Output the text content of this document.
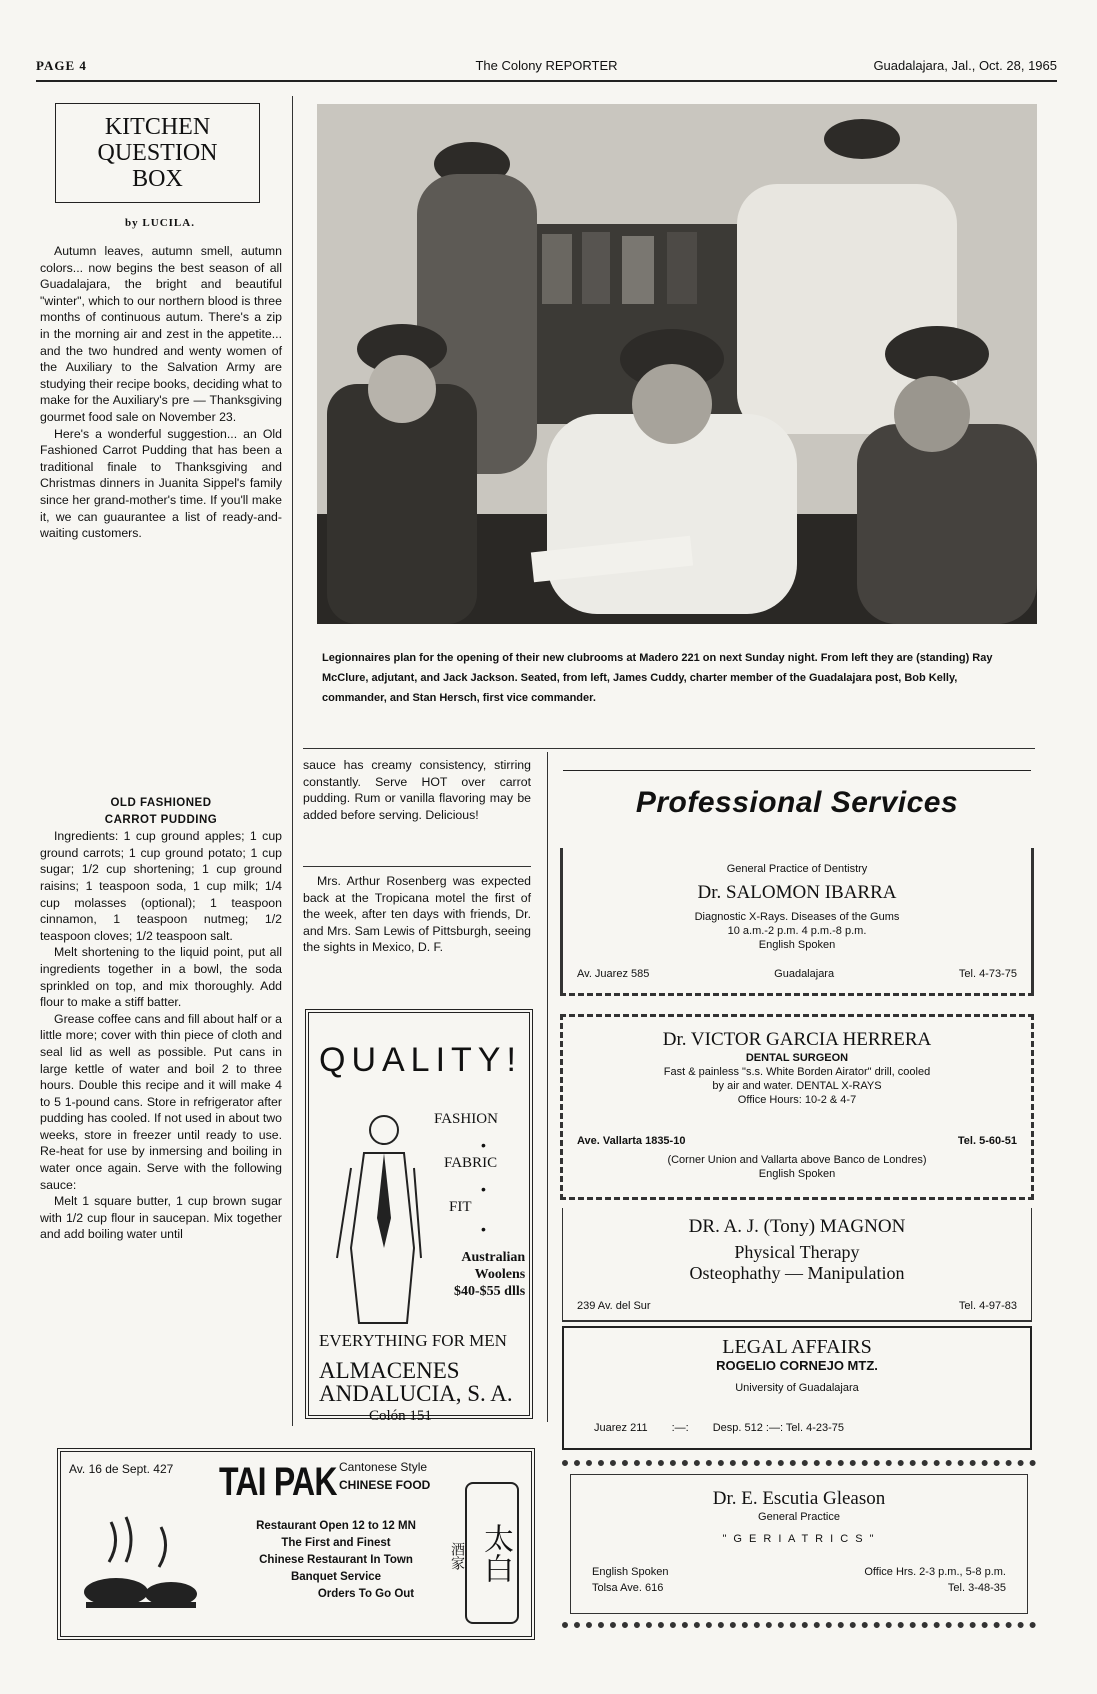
PAGE 4	The Colony REPORTER	Guadalajara, Jal., Oct. 28, 1965
KITCHEN
QUESTION
BOX
by LUCILA.

Autumn leaves, autumn smell, autumn colors... now begins the best season of all Guadalajara, the bright and beautiful "winter", which to our northern blood is three months of continuous autum. There's a zip in the morning air and zest in the appetite... and the two hundred and wenty women of the Auxiliary to the Salvation Army are studying their recipe books, deciding what to make for the Auxiliary's pre — Thanksgiving gourmet food sale on November 23.

Here's a wonderful suggestion... an Old Fashioned Carrot Pudding that has been a traditional finale to Thanksgiving and Christmas dinners in Juanita Sippel's family since her grand-mother's time. If you'll make it, we can guaurantee a list of ready-and-waiting customers.

OLD FASHIONED

CARROT PUDDING

Ingredients: 1 cup ground apples; 1 cup ground carrots; 1 cup ground potato; 1 cup sugar; 1/2 cup shortening; 1 cup ground raisins; 1 teaspoon soda, 1 cup milk; 1/4 cup molasses (optional); 1 teaspoon cinnamon, 1 teaspoon nutmeg; 1/2 teaspoon cloves; 1/2 teaspoon salt.

Melt shortening to the liquid point, put all ingredients together in a bowl, the soda sprinkled on top, and mix thoroughly. Add flour to make a stiff batter.

Grease coffee cans and fill about half or a little more; cover with thin piece of cloth and seal lid as well as possible. Put cans in large kettle of water and boil 2 to three hours. Double this recipe and it will make 4 to 5 1-pound cans. Store in refrigerator after pudding has cooled. If not used in about two weeks, store in freezer until ready to use. Re-heat for use by inmersing and boiling in water once again. Serve with the following sauce:

Melt 1 square butter, 1 cup brown sugar with 1/2 cup flour in saucepan. Mix together and add boiling water until

Legionnaires plan for the opening of their new clubrooms at Madero 221 on next Sunday night. From left they are (standing) Ray McClure, adjutant, and Jack Jackson. Seated, from left, James Cuddy, charter member of the Guadalajara post, Bob Kelly, commander, and Stan Hersch, first vice commander.

sauce has creamy consistency, stirring constantly. Serve HOT over carrot pudding. Rum or vanilla flavoring may be added before serving. Delicious!

Mrs. Arthur Rosenberg was expected back at the Tropicana motel the first of the week, after ten days with friends, Dr. and Mrs. Sam Lewis of Pittsburgh, seeing the sights in Mexico, D. F.

QUALITY!
FASHION
•
FABRIC
•
FIT
•
Australian
Woolens
$40-$55 dlls
EVERYTHING FOR MEN
ALMACENES
ANDALUCIA, S. A.
Colón 151
Av. 16 de Sept. 427 TAI PAK Cantonese Style
CHINESE FOOD
Restaurant Open 12 to 12 MN
The First and Finest
Chinese Restaurant In Town
Banquet Service
Orders To Go Out
太白
酒家
Professional Services
General Practice of Dentistry
Dr. SALOMON IBARRA
Diagnostic X-Rays. Diseases of the Gums
10 a.m.-2 p.m. 4 p.m.-8 p.m.
English Spoken
Av. Juarez 585	Guadalajara	Tel. 4-73-75
Dr. VICTOR GARCIA HERRERA
DENTAL SURGEON
Fast & painless "s.s. White Borden Airator" drill, cooled
by air and water. DENTAL X-RAYS
Office Hours: 10-2 & 4-7
Ave. Vallarta 1835-10	Tel. 5-60-51
(Corner Union and Vallarta above Banco de Londres)
English Spoken
DR. A. J. (Tony) MAGNON
Physical Therapy
Osteophathy — Manipulation
239 Av. del Sur	Tel. 4-97-83
LEGAL AFFAIRS
ROGELIO CORNEJO MTZ.
University of Guadalajara
Juarez 211 :—: Desp. 512 :—: Tel. 4-23-75
Dr. E. Escutia Gleason
General Practice
" G E R I A T R I C S "
English Spoken	Office Hrs. 2-3 p.m., 5-8 p.m.
Tolsa Ave. 616	Tel. 3-48-35
